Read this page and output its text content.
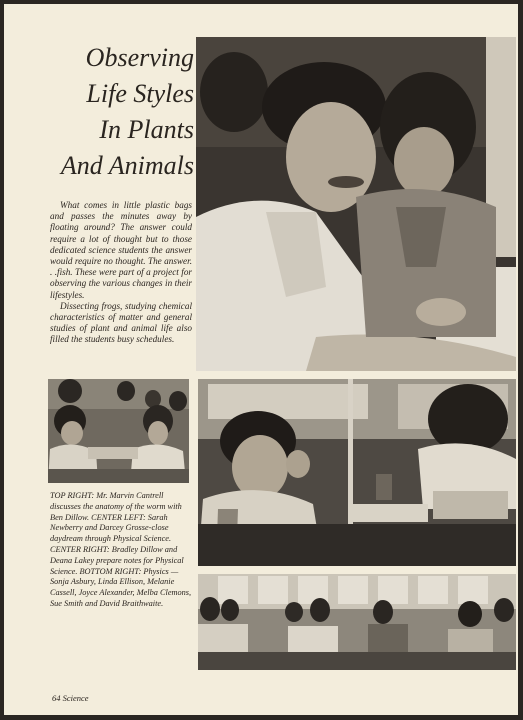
Observing
Life Styles
In Plants
And Animals

What comes in little plastic bags and passes the minutes away by floating around? The answer could require a lot of thought but to those dedicated science students the answer would require no thought. The answer. . .fish. These were part of a project for observing the various changes in their lifestyles.

Dissecting frogs, studying chemical characteristics of matter and general studies of plant and animal life also filled the students busy schedules.

TOP RIGHT: Mr. Marvin Cantrell discusses the anatomy of the worm with Ben Dillow. CENTER LEFT: Sarah Newberry and Darcey Grosse-close daydream through Physical Science. CENTER RIGHT: Bradley Dillow and Deana Lakey prepare notes for Physical Science. BOTTOM RIGHT: Physics — Sonja Asbury, Linda Ellison, Melanie Cassell, Joyce Alexander, Melba Clemons, Sue Smith and David Braithwaite.
64 Science
